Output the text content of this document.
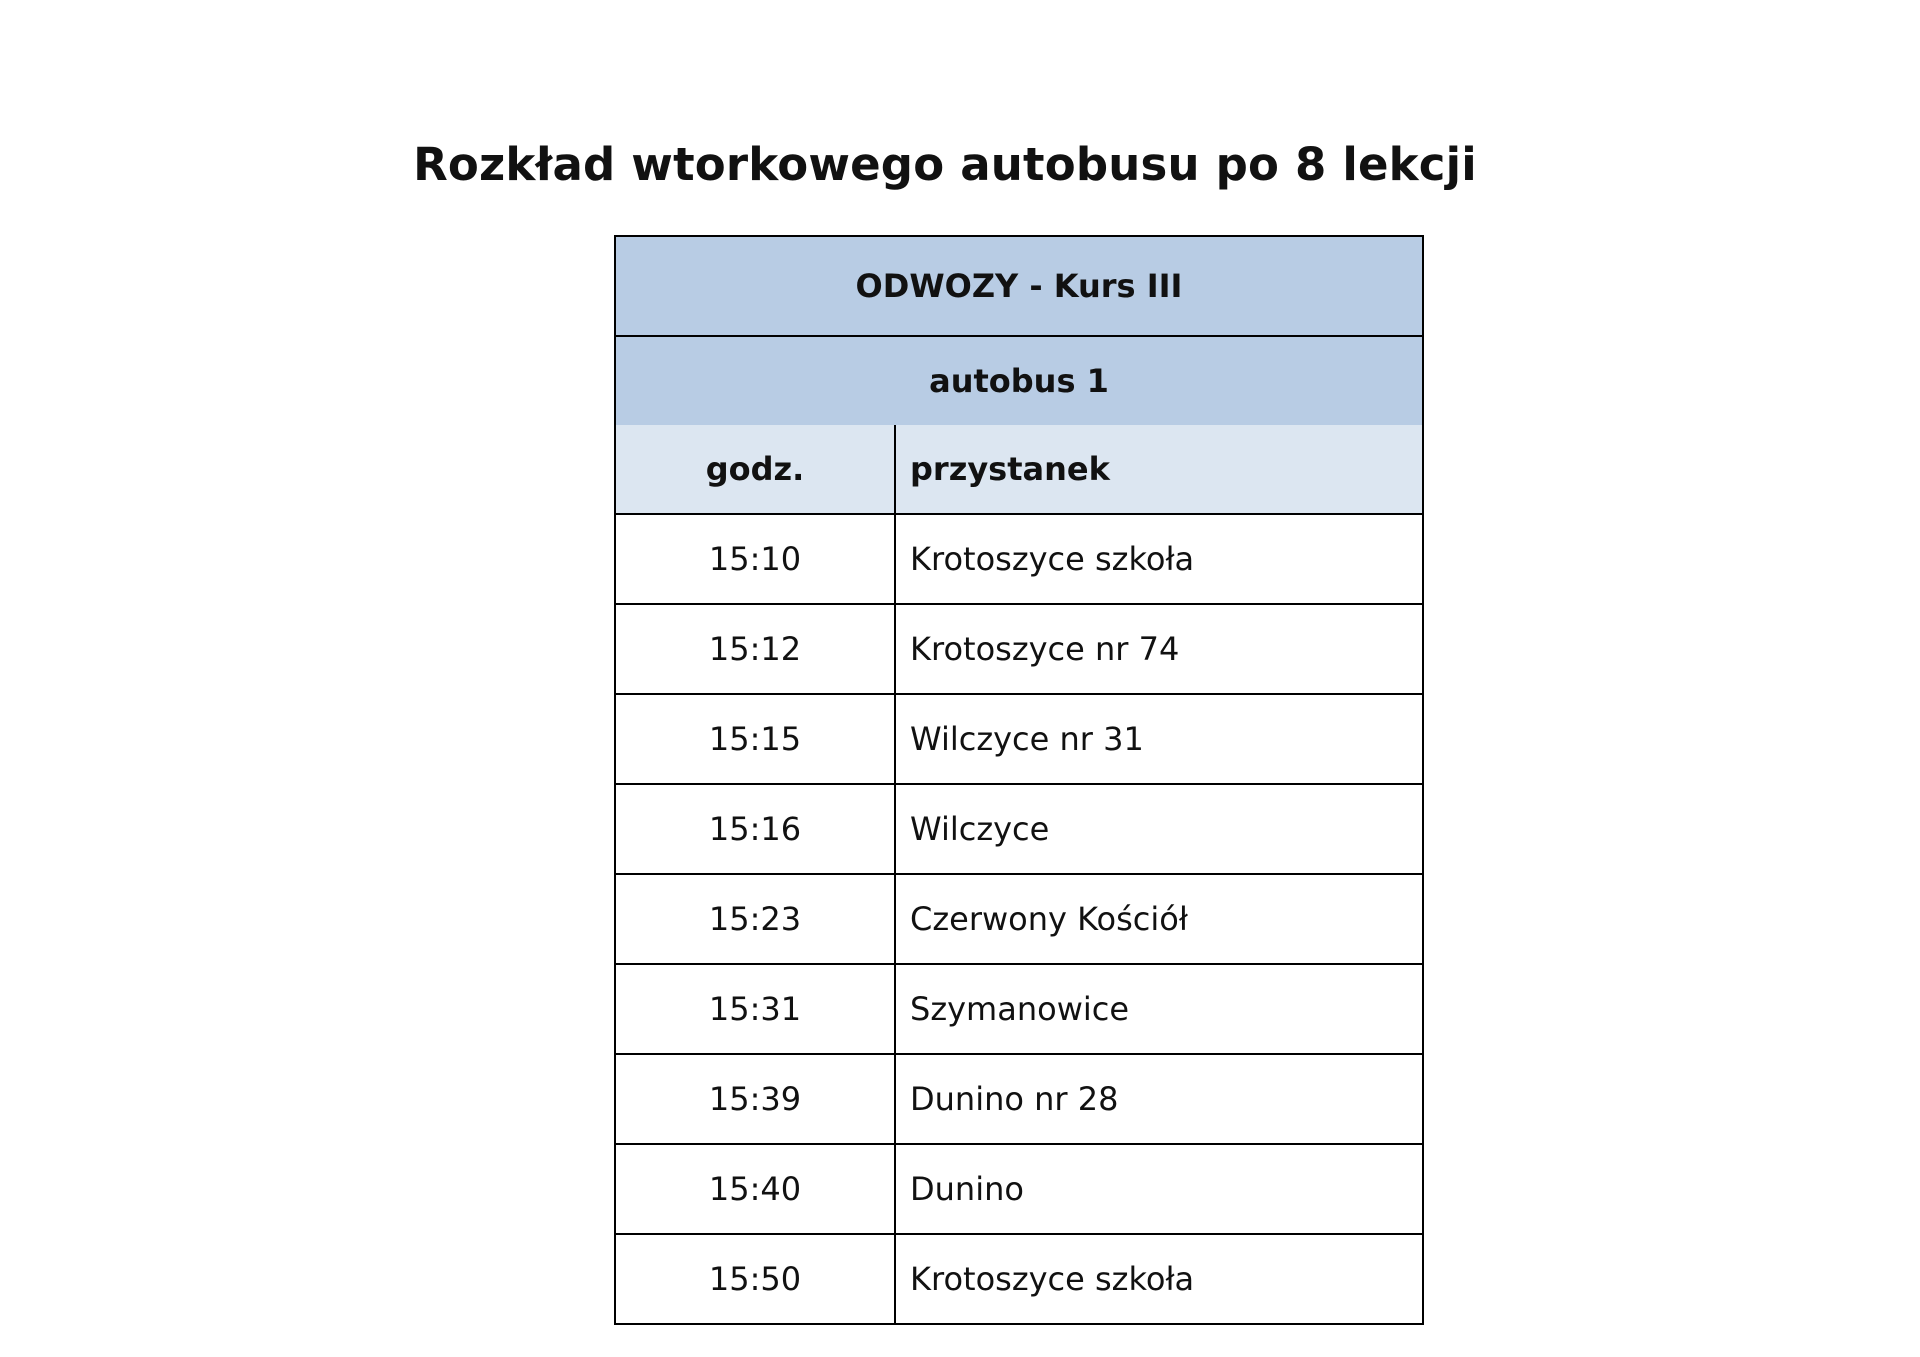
Rozkład wtorkowego autobusu po 8 lekcji
ODWOZY - Kurs III	
autobus 1	
godz.	przystanek
15:10	Krotoszyce szkoła
15:12	Krotoszyce nr 74
15:15	Wilczyce nr 31
15:16	Wilczyce
15:23	Czerwony Kościół
15:31	Szymanowice
15:39	Dunino nr 28
15:40	Dunino
15:50	Krotoszyce szkoła
